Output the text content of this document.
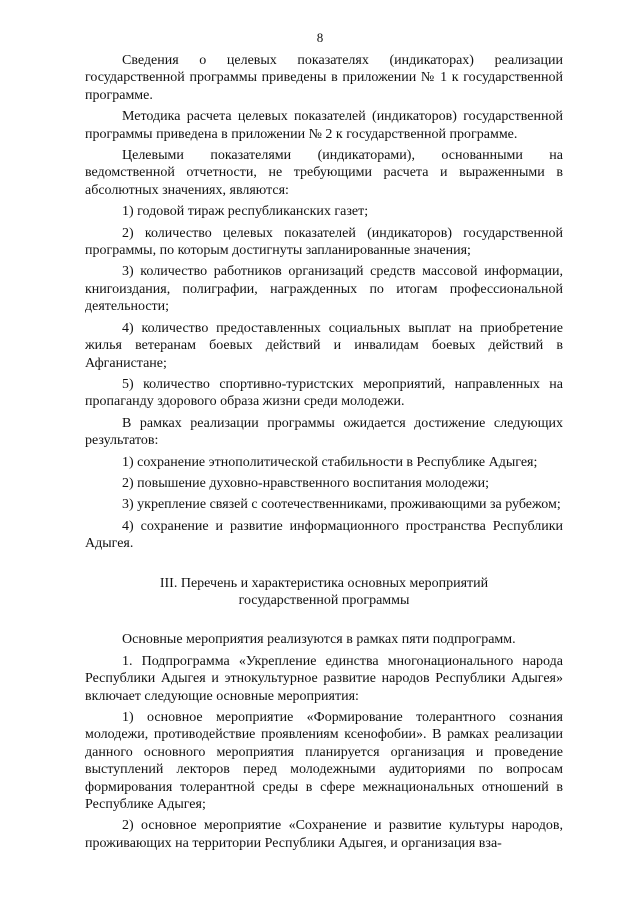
8

Сведения о целевых показателях (индикаторах) реализации государственной программы приведены в приложении № 1 к государственной программе.

Методика расчета целевых показателей (индикаторов) государственной программы приведена в приложении № 2 к государственной программе.

Целевыми показателями (индикаторами), основанными на ведомственной отчетности, не требующими расчета и выраженными в абсолютных значениях, являются:

1) годовой тираж республиканских газет;

2) количество целевых показателей (индикаторов) государственной программы, по которым достигнуты запланированные значения;

3) количество работников организаций средств массовой информации, книгоиздания, полиграфии, награжденных по итогам профессиональной деятельности;

4) количество предоставленных социальных выплат на приобретение жилья ветеранам боевых действий и инвалидам боевых действий в Афганистане;

5) количество спортивно-туристских мероприятий, направленных на пропаганду здорового образа жизни среди молодежи.

В рамках реализации программы ожидается достижение следующих результатов:

1) сохранение этнополитической стабильности в Республике Адыгея;

2) повышение духовно-нравственного воспитания молодежи;

3) укрепление связей с соотечественниками, проживающими за рубежом;

4) сохранение и развитие информационного пространства Республики Адыгея.

III. Перечень и характеристика основных мероприятий
государственной программы

Основные мероприятия реализуются в рамках пяти подпрограмм.

1. Подпрограмма «Укрепление единства многонационального народа Республики Адыгея и этнокультурное развитие народов Республики Адыгея» включает следующие основные мероприятия:

1) основное мероприятие «Формирование толерантного сознания молодежи, противодействие проявлениям ксенофобии». В рамках реализации данного основного мероприятия планируется организация и проведение выступлений лекторов перед молодежными аудиториями по вопросам формирования толерантной среды в сфере межнациональных отношений в Республике Адыгея;

2) основное мероприятие «Сохранение и развитие культуры народов, проживающих на территории Республики Адыгея, и организация вза-
